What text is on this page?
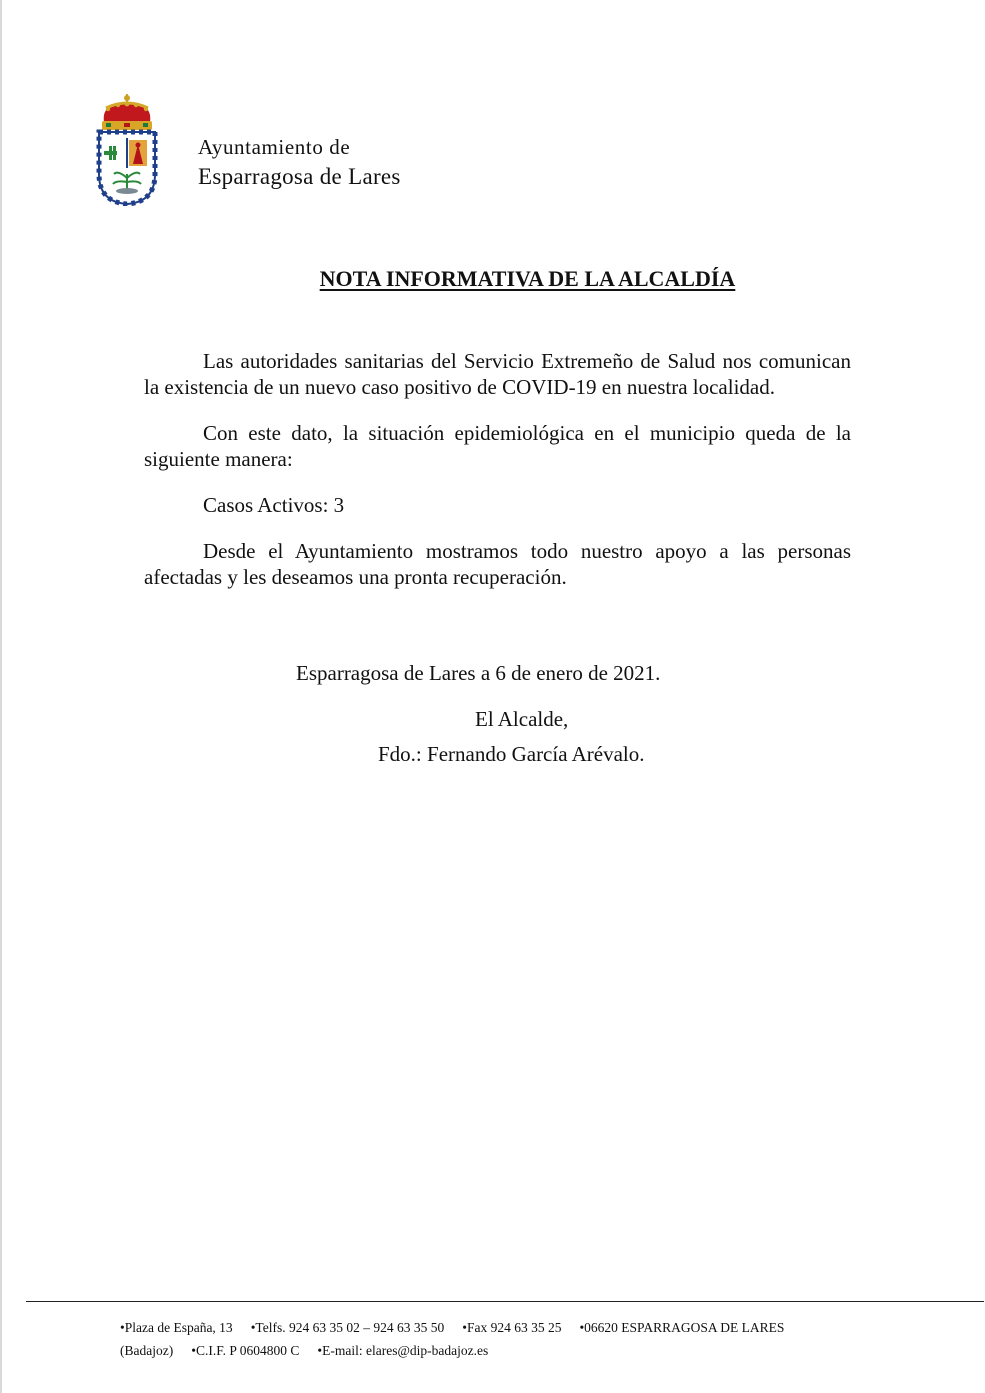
Ayuntamiento de
Esparragosa de Lares
NOTA INFORMATIVA DE LA ALCALDÍA

Las autoridades sanitarias del Servicio Extremeño de Salud nos comunican la existencia de un nuevo caso positivo de COVID-19 en nuestra localidad.

Con este dato, la situación epidemiológica en el municipio queda de la siguiente manera:

Casos Activos: 3

Desde el Ayuntamiento mostramos todo nuestro apoyo a las personas afectadas y les deseamos una pronta recuperación.

Esparragosa de Lares a 6 de enero de 2021.
El Alcalde,
Fdo.: Fernando García Arévalo.
•Plaza de España, 13 •Telfs. 924 63 35 02 – 924 63 35 50 •Fax 924 63 35 25 •06620 ESPARRAGOSA DE LARES (Badajoz) •C.I.F. P 0604800 C •E-mail: elares@dip-badajoz.es
